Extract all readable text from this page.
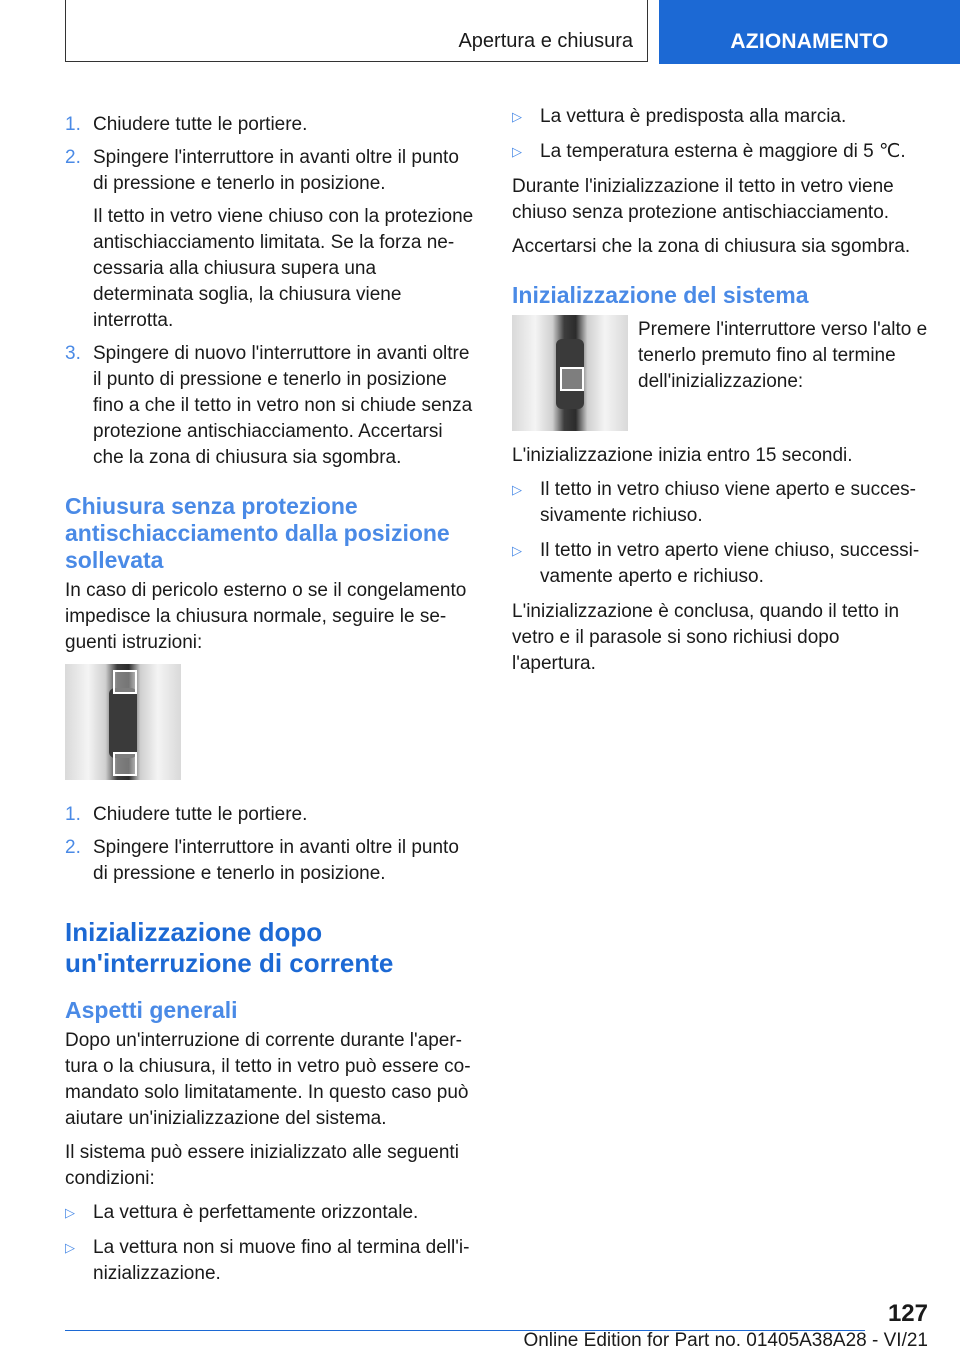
Apertura e chiusura	AZIONAMENTO
1. Chiudere tutte le portiere.

2. Spingere l'interruttore in avanti oltre il punto di pressione e tenerlo in posizione.

Il tetto in vetro viene chiuso con la protezione antischiacciamento limitata. Se la forza necessaria alla chiusura supera una determinata soglia, la chiusura viene interrotta.

3. Spingere di nuovo l'interruttore in avanti oltre il punto di pressione e tenerlo in posizione fino a che il tetto in vetro non si chiude senza protezione antischiacciamento. Accertarsi che la zona di chiusura sia sgombra.

Chiusura senza protezione antischiacciamento dalla posizione sollevata

In caso di pericolo esterno o se il congelamento impedisce la chiusura normale, seguire le seguenti istruzioni:

1. Chiudere tutte le portiere.

2. Spingere l'interruttore in avanti oltre il punto di pressione e tenerlo in posizione.

Inizializzazione dopo un'interruzione di corrente
Aspetti generali

Dopo un'interruzione di corrente durante l'apertura o la chiusura, il tetto in vetro può essere comandato solo limitatamente. In questo caso può aiutare un'inizializzazione del sistema.

Il sistema può essere inizializzato alle seguenti condizioni:

▷ La vettura è perfettamente orizzontale.
▷ La vettura non si muove fino al termina dell'inizializzazione.
▷ La vettura è predisposta alla marcia.
▷ La temperatura esterna è maggiore di 5 ℃.

Durante l'inizializzazione il tetto in vetro viene chiuso senza protezione antischiacciamento.

Accertarsi che la zona di chiusura sia sgombra.

Inizializzazione del sistema
Premere l'interruttore verso l'alto e tenerlo premuto fino al termine dell'inizializzazione:

L'inizializzazione inizia entro 15 secondi.

▷ Il tetto in vetro chiuso viene aperto e successivamente richiuso.
▷ Il tetto in vetro aperto viene chiuso, successivamente aperto e richiuso.

L'inizializzazione è conclusa, quando il tetto in vetro e il parasole si sono richiusi dopo l'apertura.

127
Online Edition for Part no. 01405A38A28 - VI/21
